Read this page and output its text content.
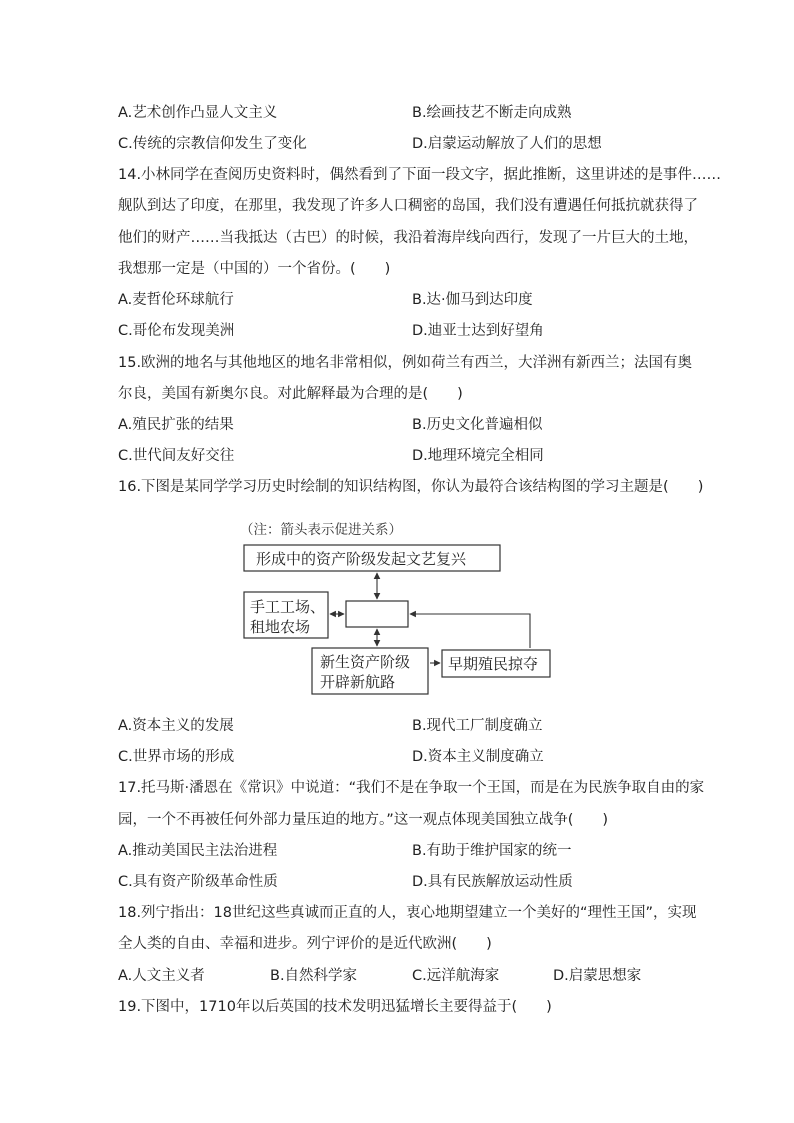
A.艺术创作凸显人文主义	B.绘画技艺不断走向成熟
C.传统的宗教信仰发生了变化	D.启蒙运动解放了人们的思想
14.小林同学在查阅历史资料时，偶然看到了下面一段文字，据此推断，这里讲述的是事件……
舰队到达了印度，在那里，我发现了许多人口稠密的岛国，我们没有遭遇任何抵抗就获得了
他们的财产……当我抵达（古巴）的时候，我沿着海岸线向西行，发现了一片巨大的土地，
我想那一定是（中国的）一个省份。(　　)
A.麦哲伦环球航行	B.达·伽马到达印度
C.哥伦布发现美洲	D.迪亚士达到好望角
15.欧洲的地名与其他地区的地名非常相似，例如荷兰有西兰，大洋洲有新西兰；法国有奥
尔良，美国有新奥尔良。对此解释最为合理的是(　　)
A.殖民扩张的结果	B.历史文化普遍相似
C.世代间友好交往	D.地理环境完全相同
16.下图是某同学学习历史时绘制的知识结构图，你认为最符合该结构图的学习主题是(　　)
（注：箭头表示促进关系）
形成中的资产阶级发起文艺复兴
手工工场、
租地农场
新生资产阶级
开辟新航路
早期殖民掠夺
A.资本主义的发展	B.现代工厂制度确立
C.世界市场的形成	D.资本主义制度确立
17.托马斯·潘恩在《常识》中说道：“我们不是在争取一个王国，而是在为民族争取自由的家
园，一个不再被任何外部力量压迫的地方。”这一观点体现美国独立战争(　　)
A.推动美国民主法治进程	B.有助于维护国家的统一
C.具有资产阶级革命性质	D.具有民族解放运动性质
18.列宁指出：18世纪这些真诚而正直的人，衷心地期望建立一个美好的“理性王国”，实现
全人类的自由、幸福和进步。列宁评价的是近代欧洲(　　)
A.人文主义者	B.自然科学家	C.远洋航海家	D.启蒙思想家
19.下图中，1710年以后英国的技术发明迅猛增长主要得益于(　　)
